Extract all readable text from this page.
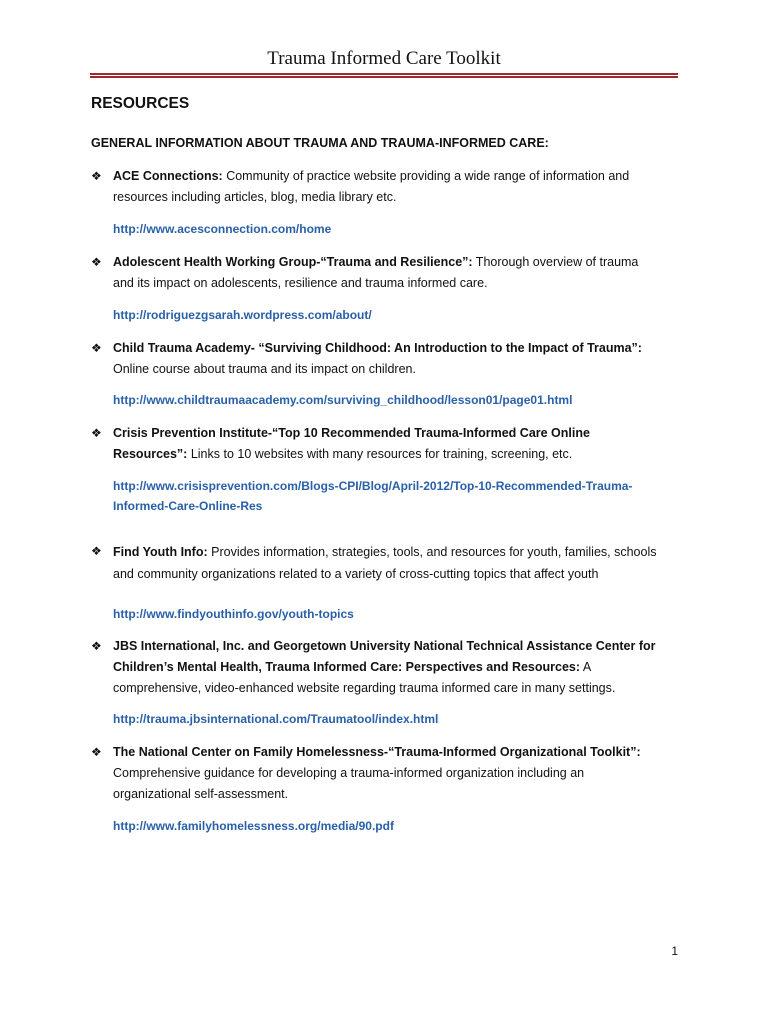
Trauma Informed Care Toolkit
RESOURCES
GENERAL INFORMATION ABOUT TRAUMA AND TRAUMA-INFORMED CARE:
❖ ACE Connections: Community of practice website providing a wide range of information and resources including articles, blog, media library etc.
http://www.acesconnection.com/home
❖ Adolescent Health Working Group-“Trauma and Resilience”: Thorough overview of trauma and its impact on adolescents, resilience and trauma informed care.
http://rodriguezgsarah.wordpress.com/about/
❖ Child Trauma Academy- “Surviving Childhood: An Introduction to the Impact of Trauma”: Online course about trauma and its impact on children.
http://www.childtraumaacademy.com/surviving_childhood/lesson01/page01.html
❖ Crisis Prevention Institute-“Top 10 Recommended Trauma-Informed Care Online Resources”: Links to 10 websites with many resources for training, screening, etc.
http://www.crisisprevention.com/Blogs-CPI/Blog/April-2012/Top-10-Recommended-Trauma-
Informed-Care-Online-Res
❖ Find Youth Info: Provides information, strategies, tools, and resources for youth, families, schools and community organizations related to a variety of cross-cutting topics that affect youth
http://www.findyouthinfo.gov/youth-topics
❖ JBS International, Inc. and Georgetown University National Technical Assistance Center for Children’s Mental Health, Trauma Informed Care: Perspectives and Resources: A comprehensive, video-enhanced website regarding trauma informed care in many settings.
http://trauma.jbsinternational.com/Traumatool/index.html
❖ The National Center on Family Homelessness-“Trauma-Informed Organizational Toolkit”: Comprehensive guidance for developing a trauma-informed organization including an organizational self-assessment.
http://www.familyhomelessness.org/media/90.pdf
1
